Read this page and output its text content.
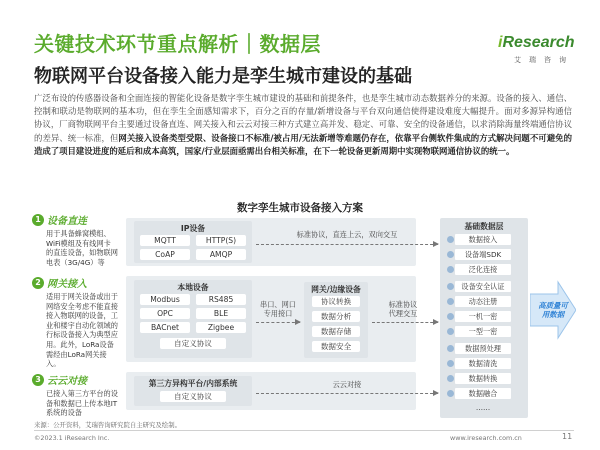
关键技术环节重点解析｜数据层
物联网平台设备接入能力是孪生城市建设的基础
iResearch
艾瑞咨询
广泛布设的传感器设备和全面连接的智能化设备是数字孪生城市建设的基础和前提条件，也是孪生城市动态数据养分的来源。设备的接入、通信、控制和联动是物联网的基本功，但在孪生全面感知需求下，百分之百的存量/新增设备与平台双向通信使得建设难度大幅提升。面对多源异构通信协议，厂商物联网平台主要通过设备直连、网关接入和云云对接三种方式建立高并发、稳定、可靠、安全的设备通信，以求消除海量终端通信协议的差异、统一标准，但网关接入设备类型受限、设备接口不标准/被占用/无法新增等难题仍存在，依靠平台侧软件集成的方式解决问题不可避免的造成了项目建设进度的延后和成本高筑，国家/行业层面亟需出台相关标准，在下一轮设备更新周期中实现物联网通信协议的统一。
数字孪生城市设备接入方案
1 设备直连
用于具备蜂窝模组、WiFi模组及有线网卡的直连设备，如物联网电表（3G/4G）等
2 网关接入
适用于网关设备或出于网络安全考虑不能直接接入物联网的设备，工业和楼宇自动化领域的行标设备接入为典型应用。此外，LoRa设备需经由LoRa网关接入。
3 云云对接
已接入第三方平台的设备和数据已上传本地IT系统的设备
IP设备
MQTT	HTTP(S)
CoAP	AMQP
标准协议，直连上云，双向交互
本地设备
Modbus	RS485
OPC	BLE
BACnet	Zigbee
自定义协议
串口、网口
专用接口
网关/边缘设备
协议转换
数据分析
数据存储
数据安全
标准协议
代理交互
第三方异构平台/内部系统
自定义协议
云云对接
基础数据层
数据接入
设备端SDK
泛化连接
设备安全认证
动态注册
一机一密
一型一密
数据预处理
数据清洗
数据转换
数据融合
……
高质量可用数据
来源：公开资料，艾瑞咨询研究院自主研究及绘制。
©2023.1 iResearch Inc.	www.iresearch.com.cn	11
